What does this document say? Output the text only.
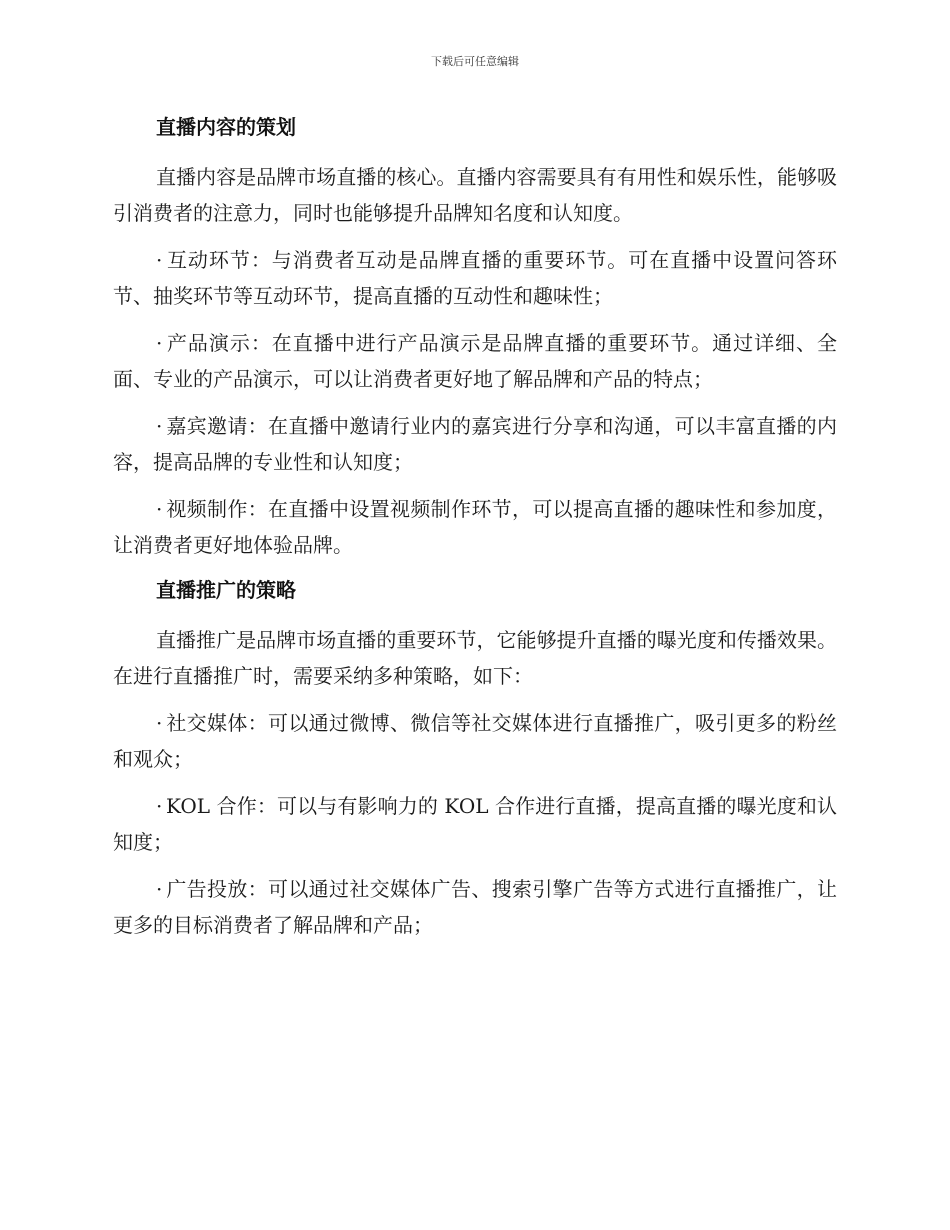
下载后可任意编辑
直播内容的策划

直播内容是品牌市场直播的核心。直播内容需要具有有用性和娱乐性，能够吸引消费者的注意力，同时也能够提升品牌知名度和认知度。

· 互动环节：与消费者互动是品牌直播的重要环节。可在直播中设置问答环节、抽奖环节等互动环节，提高直播的互动性和趣味性；

· 产品演示：在直播中进行产品演示是品牌直播的重要环节。通过详细、全面、专业的产品演示，可以让消费者更好地了解品牌和产品的特点；

· 嘉宾邀请：在直播中邀请行业内的嘉宾进行分享和沟通，可以丰富直播的内容，提高品牌的专业性和认知度；

· 视频制作：在直播中设置视频制作环节，可以提高直播的趣味性和参加度，让消费者更好地体验品牌。

直播推广的策略

直播推广是品牌市场直播的重要环节，它能够提升直播的曝光度和传播效果。在进行直播推广时，需要采纳多种策略，如下：

· 社交媒体：可以通过微博、微信等社交媒体进行直播推广，吸引更多的粉丝和观众；

· KOL 合作：可以与有影响力的 KOL 合作进行直播，提高直播的曝光度和认知度；

· 广告投放：可以通过社交媒体广告、搜索引擎广告等方式进行直播推广，让更多的目标消费者了解品牌和产品；
